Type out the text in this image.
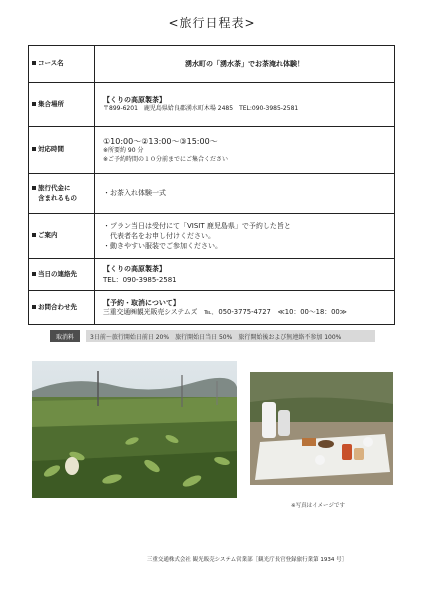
<旅行日程表>
コース名	湧水町の「湧水茶」でお茶淹れ体験！
集合場所	【くりの高原製茶】
〒899-6201　鹿児島県姶良郡湧水町木場 2485　TEL:090-3985-2581

対応時間	①10:00～②13:00～③15:00～
※所要約 90 分
※ご予約時間の１０分前までにご集合ください

旅行代金に
含まれるもの	・お茶入れ体験一式
ご案内	・プラン当日は受付にて「VISIT 鹿児島県」で予約した旨と
　代表者名をお申し付けください。
・動きやすい服装でご参加ください。

当日の連絡先	【くりの高原製茶】
TEL：090-3985-2581

お問合わせ先	【予約・取消について】
三重交通㈱観光販売システムズ　℡．050-3775-4727　≪10：00～18：00≫
取消料	3日前～旅行開始日前日 20%　旅行開始日当日 50%　旅行開始後および無連絡不参加 100%
※写真はイメージです
三重交通株式会社 観光販売システム営業部［観光庁長官登録旅行業第 1934 号］
